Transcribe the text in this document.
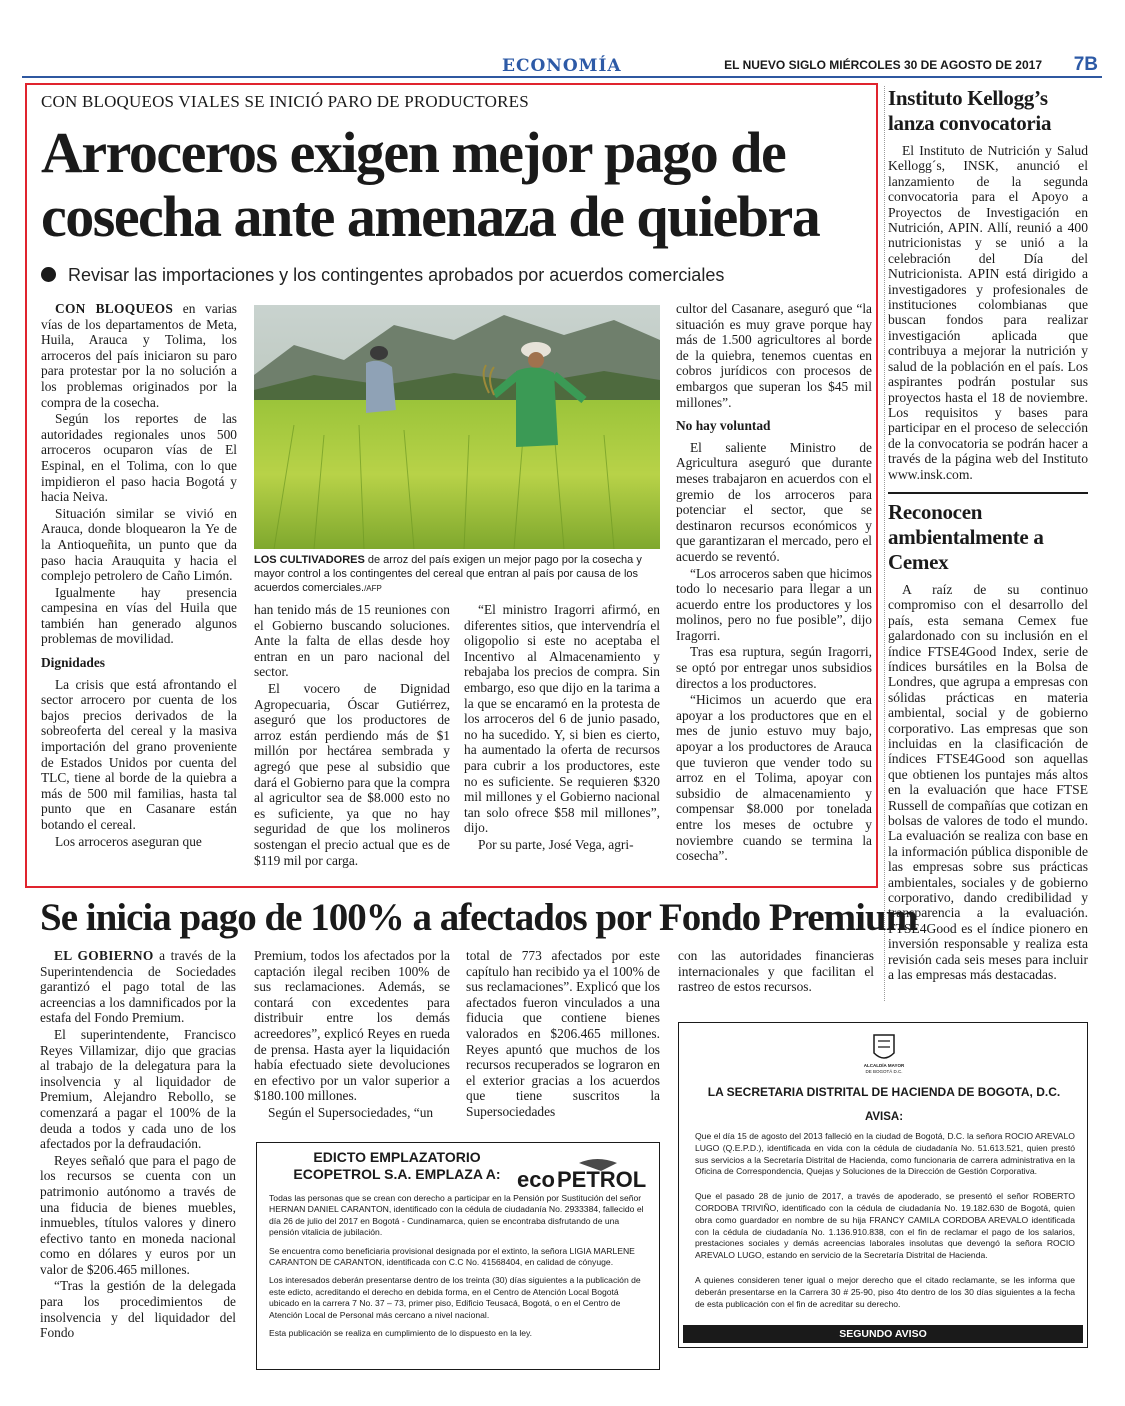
ECONOMÍA	EL NUEVO SIGLO MIÉRCOLES 30 DE AGOSTO DE 2017 7B
CON BLOQUEOS VIALES SE INICIÓ PARO DE PRODUCTORES
Arroceros exigen mejor pago de cosecha ante amenaza de quiebra
Revisar las importaciones y los contingentes aprobados por acuerdos comerciales

CON BLOQUEOS en varias vías de los departamentos de Meta, Huila, Arauca y Tolima, los arroceros del país iniciaron su paro para protestar por la no solución a los problemas originados por la compra de la cosecha.

Según los reportes de las autoridades regionales unos 500 arroceros ocuparon vías de El Espinal, en el Tolima, con lo que impidieron el paso hacia Bogotá y hacia Neiva.

Situación similar se vivió en Arauca, donde bloquearon la Ye de la Antioqueñita, un punto que da paso hacia Arauquita y hacia el complejo petrolero de Caño Limón.

Igualmente hay presencia campesina en vías del Huila que también han generado algunos problemas de movilidad.

Dignidades

La crisis que está afrontando el sector arrocero por cuenta de los bajos precios derivados de la sobreoferta del cereal y la masiva importación del grano proveniente de Estados Unidos por cuenta del TLC, tiene al borde de la quiebra a más de 500 mil familias, hasta tal punto que en Casanare están botando el cereal.

Los arroceros aseguran que

LOS CULTIVADORES de arroz del país exigen un mejor pago por la cosecha y mayor control a los contingentes del cereal que entran al país por causa de los acuerdos comerciales./AFP

han tenido más de 15 reuniones con el Gobierno buscando soluciones. Ante la falta de ellas desde hoy entran en un paro nacional del sector.

El vocero de Dignidad Agropecuaria, Óscar Gutiérrez, aseguró que los productores de arroz están perdiendo más de $1 millón por hectárea sembrada y agregó que pese al subsidio que dará el Gobierno para que la compra al agricultor sea de $8.000 esto no es suficiente, ya que no hay seguridad de que los molineros sostengan el precio actual que es de $119 mil por carga.

“El ministro Iragorri afirmó, en diferentes sitios, que intervendría el oligopolio si este no aceptaba el Incentivo al Almacenamiento y rebajaba los precios de compra. Sin embargo, eso que dijo en la tarima a la que se encaramó en la protesta de los arroceros del 6 de junio pasado, no ha sucedido. Y, si bien es cierto, ha aumentado la oferta de recursos para cubrir a los productores, este no es suficiente. Se requieren $320 mil millones y el Gobierno nacional tan solo ofrece $58 mil millones”, dijo.

Por su parte, José Vega, agri-

cultor del Casanare, aseguró que “la situación es muy grave porque hay más de 1.500 agricultores al borde de la quiebra, tenemos cuentas en cobros jurídicos con procesos de embargos que superan los $45 mil millones”.

No hay voluntad

El saliente Ministro de Agricultura aseguró que durante meses trabajaron en acuerdos con el gremio de los arroceros para potenciar el sector, que se destinaron recursos económicos y que garantizaran el mercado, pero el acuerdo se reventó.

“Los arroceros saben que hicimos todo lo necesario para llegar a un acuerdo entre los productores y los molinos, pero no fue posible”, dijo Iragorri.

Tras esa ruptura, según Iragorri, se optó por entregar unos subsidios directos a los productores.

“Hicimos un acuerdo que era apoyar a los productores que en el mes de junio estuvo muy bajo, apoyar a los productores de Arauca que tuvieron que vender todo su arroz en el Tolima, apoyar con subsidio de almacenamiento y compensar $8.000 por tonelada entre los meses de octubre y noviembre cuando se termina la cosecha”.

Instituto Kellogg’s lanza convocatoria

El Instituto de Nutrición y Salud Kellogg´s, INSK, anunció el lanzamiento de la segunda convocatoria para el Apoyo a Proyectos de Investigación en Nutrición, APIN. Allí, reunió a 400 nutricionistas y se unió a la celebración del Día del Nutricionista. APIN está dirigido a investigadores y profesionales de instituciones colombianas que buscan fondos para realizar investigación aplicada que contribuya a mejorar la nutrición y salud de la población en el país. Los aspirantes podrán postular sus proyectos hasta el 18 de noviembre. Los requisitos y bases para participar en el proceso de selección de la convocatoria se podrán hacer a través de la página web del Instituto www.insk.com.

Reconocen ambientalmente a Cemex

A raíz de su continuo compromiso con el desarrollo del país, esta semana Cemex fue galardonado con su inclusión en el índice FTSE4Good Index, serie de índices bursátiles en la Bolsa de Londres, que agrupa a empresas con sólidas prácticas en materia ambiental, social y de gobierno corporativo. Las empresas que son incluidas en la clasificación de índices FTSE4Good son aquellas que obtienen los puntajes más altos en la evaluación que hace FTSE Russell de compañías que cotizan en bolsas de valores de todo el mundo. La evaluación se realiza con base en la información pública disponible de las empresas sobre sus prácticas ambientales, sociales y de gobierno corporativo, dando credibilidad y transparencia a la evaluación. FTSE4Good es el índice pionero en inversión responsable y realiza esta revisión cada seis meses para incluir a las empresas más destacadas.

Se inicia pago de 100% a afectados por Fondo Premium

EL GOBIERNO a través de la Superintendencia de Sociedades garantizó el pago total de las acreencias a los damnificados por la estafa del Fondo Premium.

El superintendente, Francisco Reyes Villamizar, dijo que gracias al trabajo de la delegatura para la insolvencia y al liquidador de Premium, Alejandro Rebollo, se comenzará a pagar el 100% de la deuda a todos y cada uno de los afectados por la defraudación.

Reyes señaló que para el pago de los recursos se cuenta con un patrimonio autónomo a través de una fiducia de bienes muebles, inmuebles, títulos valores y dinero efectivo tanto en moneda nacional como en dólares y euros por un valor de $206.465 millones.

“Tras la gestión de la delegada para los procedimientos de insolvencia y del liquidador del Fondo

Premium, todos los afectados por la captación ilegal reciben 100% de sus reclamaciones. Además, se contará con excedentes para distribuir entre los demás acreedores”, explicó Reyes en rueda de prensa. Hasta ayer la liquidación había efectuado siete devoluciones en efectivo por un valor superior a $180.100 millones.

Según el Supersociedades, “un

total de 773 afectados por este capítulo han recibido ya el 100% de sus reclamaciones”. Explicó que los afectados fueron vinculados a una fiducia que contiene bienes valorados en $206.465 millones. Reyes apuntó que muchos de los recursos recuperados se lograron en el exterior gracias a los acuerdos que tiene suscritos la Supersociedades

con las autoridades financieras internacionales y que facilitan el rastreo de estos recursos.

EDICTO EMPLAZATORIO
ECOPETROL S.A. EMPLAZA A: eco PETROL

Todas las personas que se crean con derecho a participar en la Pensión por Sustitución del señor HERNAN DANIEL CARANTON, identificado con la cédula de ciudadanía No. 2933384, fallecido el día 26 de julio del 2017 en Bogotá - Cundinamarca, quien se encontraba disfrutando de una pensión vitalicia de jubilación.

Se encuentra como beneficiaria provisional designada por el extinto, la señora LIGIA MARLENE CARANTON DE CARANTON, identificada con C.C No. 41568404, en calidad de cónyuge.

Los interesados deberán presentarse dentro de los treinta (30) días siguientes a la publicación de este edicto, acreditando el derecho en debida forma, en el Centro de Atención Local Bogotá ubicado en la carrera 7 No. 37 – 73, primer piso, Edificio Teusacá, Bogotá, o en el Centro de Atención Local de Personal más cercano a nivel nacional.

Esta publicación se realiza en cumplimiento de lo dispuesto en la ley.

ALCALDÍA MAYOR
DE BOGOTÁ D.C.
LA SECRETARIA DISTRITAL DE HACIENDA DE BOGOTA, D.C.
AVISA:

Que el día 15 de agosto del 2013 falleció en la ciudad de Bogotá, D.C. la señora ROCIO AREVALO LUGO (Q.E.P.D.), identificada en vida con la cédula de ciudadanía No. 51.613.521, quien prestó sus servicios a la Secretaría Distrital de Hacienda, como funcionaria de carrera administrativa en la Oficina de Correspondencia, Quejas y Soluciones de la Dirección de Gestión Corporativa.

Que el pasado 28 de junio de 2017, a través de apoderado, se presentó el señor ROBERTO CORDOBA TRIVIÑO, identificado con la cédula de ciudadanía No. 19.182.630 de Bogotá, quien obra como guardador en nombre de su hija FRANCY CAMILA CORDOBA AREVALO identificada con la cédula de ciudadanía No. 1.136.910.838, con el fin de reclamar el pago de los salarios, prestaciones sociales y demás acreencias laborales insolutas que devengó la señora ROCIO AREVALO LUGO, estando en servicio de la Secretaría Distrital de Hacienda.

A quienes consideren tener igual o mejor derecho que el citado reclamante, se les informa que deberán presentarse en la Carrera 30 # 25-90, piso 4to dentro de los 30 días siguientes a la fecha de esta publicación con el fin de acreditar su derecho.

SEGUNDO AVISO
